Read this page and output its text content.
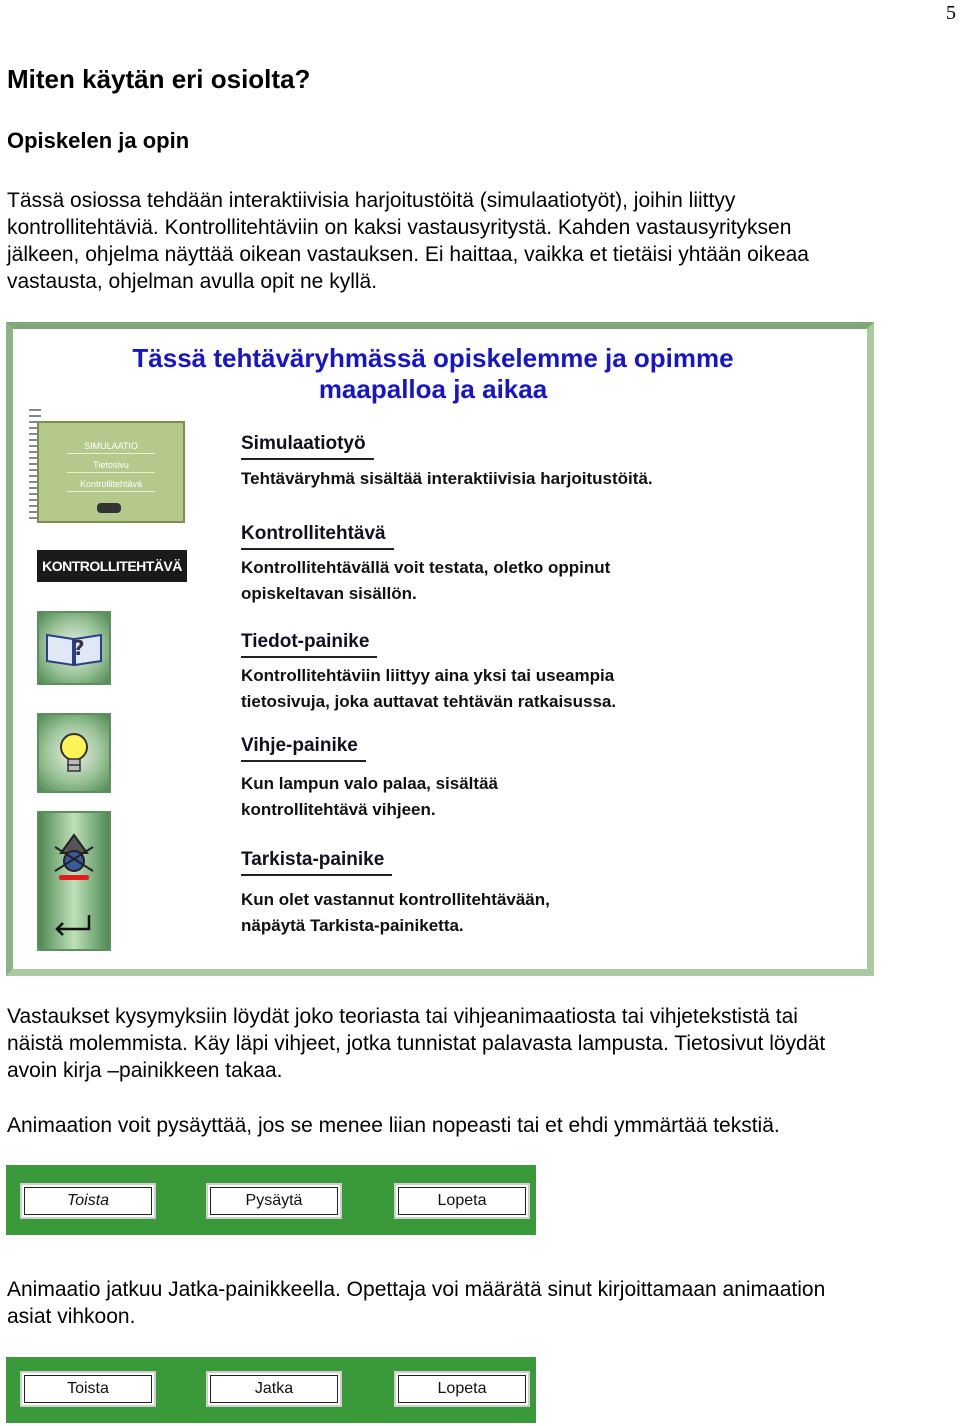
5
Miten käytän eri osiolta?
Opiskelen ja opin
Tässä osiossa tehdään interaktiivisia harjoitustöitä (simulaatiotyöt), joihin liittyy
kontrollitehtäviä. Kontrollitehtäviin on kaksi vastausyritystä. Kahden vastausyrityksen
jälkeen, ohjelma näyttää oikean vastauksen. Ei haittaa, vaikka et tietäisi yhtään oikeaa
vastausta, ohjelman avulla opit ne kyllä.
Tässä tehtäväryhmässä opiskelemme ja opimme
maapalloa ja aikaa
SIMULAATIO
Tietosivu
Kontrollitehtävä
KONTROLLITEHTÄVÄ
?
Simulaatiotyö
Tehtäväryhmä sisältää interaktiivisia harjoitustöitä.
Kontrollitehtävä
Kontrollitehtävällä voit testata, oletko oppinut
opiskeltavan sisällön.
Tiedot-painike
Kontrollitehtäviin liittyy aina yksi tai useampia
tietosivuja, joka auttavat tehtävän ratkaisussa.
Vihje-painike
Kun lampun valo palaa, sisältää
kontrollitehtävä vihjeen.
Tarkista-painike
Kun olet vastannut kontrollitehtävään,
näpäytä Tarkista-painiketta.
Vastaukset kysymyksiin löydät joko teoriasta tai vihjeanimaatiosta tai vihjetekstistä tai
näistä molemmista. Käy läpi vihjeet, jotka tunnistat palavasta lampusta. Tietosivut löydät
avoin kirja –painikkeen takaa.
Animaation voit pysäyttää, jos se menee liian nopeasti tai et ehdi ymmärtää tekstiä.
Toista	Pysäytä	Lopeta
Animaatio jatkuu Jatka-painikkeella. Opettaja voi määrätä sinut kirjoittamaan animaation
asiat vihkoon.
Toista	Jatka	Lopeta
